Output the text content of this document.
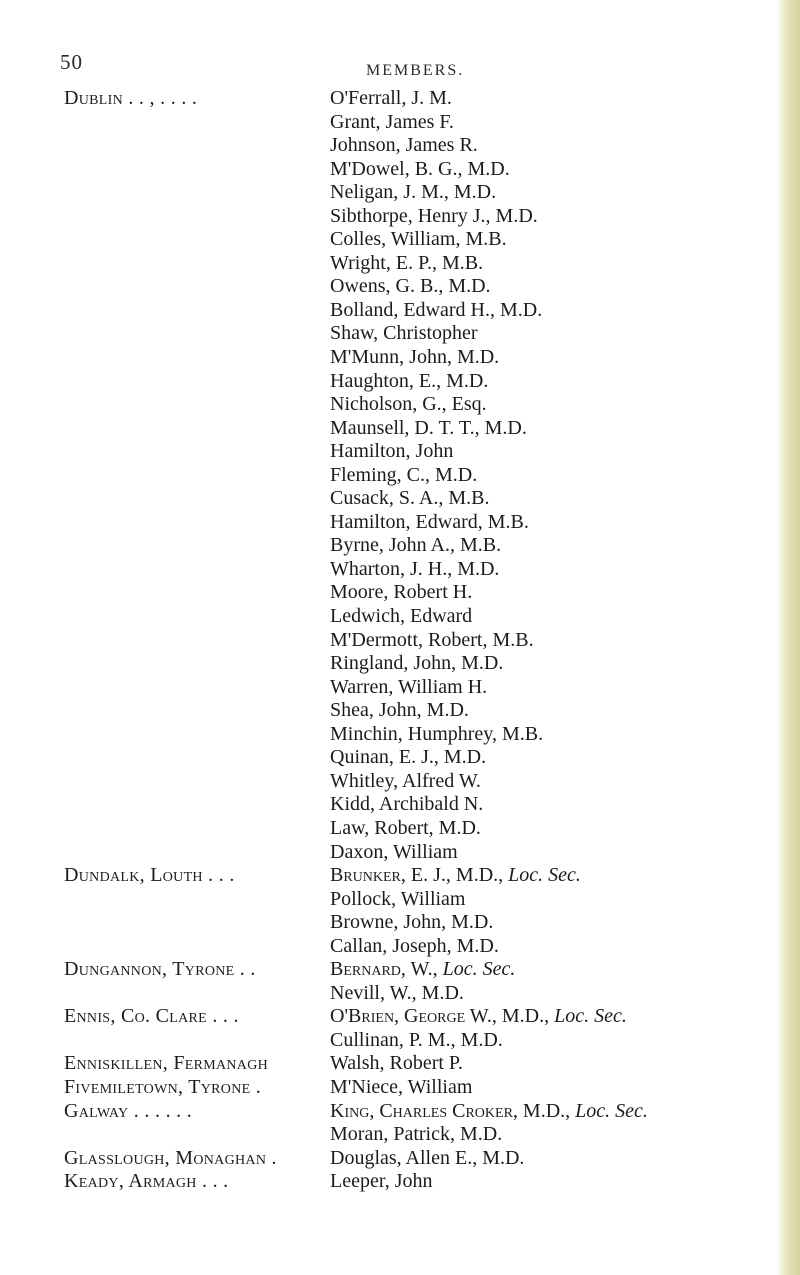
50	MEMBERS.
Dublin . . , . . . .	O'Ferrall, J. M.
Grant, James F.
Johnson, James R.
M'Dowel, B. G., M.D.
Neligan, J. M., M.D.
Sibthorpe, Henry J., M.D.
Colles, William, M.B.
Wright, E. P., M.B.
Owens, G. B., M.D.
Bolland, Edward H., M.D.
Shaw, Christopher
M'Munn, John, M.D.
Haughton, E., M.D.
Nicholson, G., Esq.
Maunsell, D. T. T., M.D.
Hamilton, John
Fleming, C., M.D.
Cusack, S. A., M.B.
Hamilton, Edward, M.B.
Byrne, John A., M.B.
Wharton, J. H., M.D.
Moore, Robert H.
Ledwich, Edward
M'Dermott, Robert, M.B.
Ringland, John, M.D.
Warren, William H.
Shea, John, M.D.
Minchin, Humphrey, M.B.
Quinan, E. J., M.D.
Whitley, Alfred W.
Kidd, Archibald N.
Law, Robert, M.D.
Daxon, William
Dundalk, Louth . . .	Brunker, E. J., M.D., Loc. Sec.
Pollock, William
Browne, John, M.D.
Callan, Joseph, M.D.
Dungannon, Tyrone . .	Bernard, W., Loc. Sec.
Nevill, W., M.D.
Ennis, Co. Clare . . .	O'Brien, George W., M.D., Loc. Sec.
Cullinan, P. M., M.D.
Enniskillen, Fermanagh	Walsh, Robert P.
Fivemiletown, Tyrone .	M'Niece, William
Galway . . . . . .	King, Charles Croker, M.D., Loc. Sec.
Moran, Patrick, M.D.
Glasslough, Monaghan .	Douglas, Allen E., M.D.
Keady, Armagh . . .	Leeper, John
